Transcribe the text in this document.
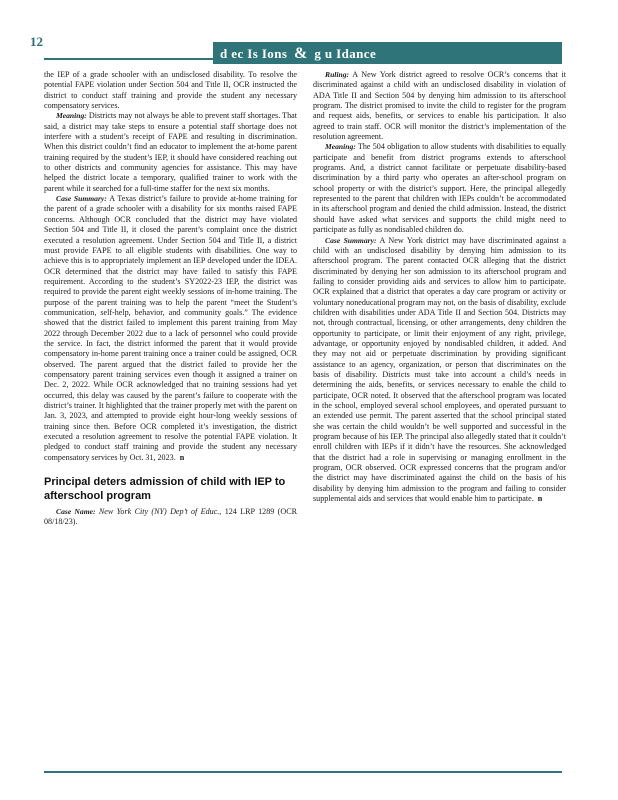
12
d ec Is Ions & g u Idance

the IEP of a grade schooler with an undisclosed disability. To resolve the potential FAPE violation under Section 504 and Title II, OCR instructed the district to conduct staff training and provide the student any necessary compensatory services.

Meaning: Districts may not always be able to prevent staff shortages. That said, a district may take steps to ensure a potential staff shortage does not interfere with a student’s receipt of FAPE and resulting in discrimination. When this district couldn’t find an educator to implement the at-home parent training required by the student’s IEP, it should have considered reaching out to other districts and community agencies for assistance. This may have helped the district locate a temporary, qualified trainer to work with the parent while it searched for a full-time staffer for the next six months.

Case Summary: A Texas district’s failure to provide at-home training for the parent of a grade schooler with a disability for six months raised FAPE concerns. Although OCR concluded that the district may have violated Section 504 and Title II, it closed the parent’s complaint once the district executed a resolution agreement. Under Section 504 and Title II, a district must provide FAPE to all eligible students with disabilities. One way to achieve this is to appropriately implement an IEP developed under the IDEA. OCR determined that the district may have failed to satisfy this FAPE requirement. According to the student’s SY2022-23 IEP, the district was required to provide the parent eight weekly sessions of in-home training. The purpose of the parent training was to help the parent “meet the Student’s communication, self-help, behavior, and community goals.” The evidence showed that the district failed to implement this parent training from May 2022 through December 2022 due to a lack of personnel who could provide the service. In fact, the district informed the parent that it would provide compensatory in-home parent training once a trainer could be assigned, OCR observed. The parent argued that the district failed to provide her the compensatory parent training services even though it assigned a trainer on Dec. 2, 2022. While OCR acknowledged that no training sessions had yet occurred, this delay was caused by the parent’s failure to cooperate with the district’s trainer. It highlighted that the trainer properly met with the parent on Jan. 3, 2023, and attempted to provide eight hour-long weekly sessions of training since then. Before OCR completed it’s investigation, the district executed a resolution agreement to resolve the potential FAPE violation. It pledged to conduct staff training and provide the student any necessary compensatory services by Oct. 31, 2023. n

Principal deters admission of child with IEP to afterschool program

Case Name: New York City (NY) Dep’t of Educ., 124 LRP 1289 (OCR 08/18/23).

Ruling: A New York district agreed to resolve OCR’s concerns that it discriminated against a child with an undisclosed disability in violation of ADA Title II and Section 504 by denying him admission to its afterschool program. The district promised to invite the child to register for the program and request aids, benefits, or services to enable his participation. It also agreed to train staff. OCR will monitor the district’s implementation of the resolution agreement.

Meaning: The 504 obligation to allow students with disabilities to equally participate and benefit from district programs extends to afterschool programs. And, a district cannot facilitate or perpetuate disability-based discrimination by a third party who operates an after-school program on school property or with the district’s support. Here, the principal allegedly represented to the parent that children with IEPs couldn’t be accommodated in its afterschool program and denied the child admission. Instead, the district should have asked what services and supports the child might need to participate as fully as nondisabled children do.

Case Summary: A New York district may have discriminated against a child with an undisclosed disability by denying him admission to its afterschool program. The parent contacted OCR alleging that the district discriminated by denying her son admission to its afterschool program and failing to consider providing aids and services to allow him to participate. OCR explained that a district that operates a day care program or activity or voluntary noneducational program may not, on the basis of disability, exclude children with disabilities under ADA Title II and Section 504. Districts may not, through contractual, licensing, or other arrangements, deny children the opportunity to participate, or limit their enjoyment of any right, privilege, advantage, or opportunity enjoyed by nondisabled children, it added. And they may not aid or perpetuate discrimination by providing significant assistance to an agency, organization, or person that discriminates on the basis of disability. Districts must take into account a child’s needs in determining the aids, benefits, or services necessary to enable the child to participate, OCR noted. It observed that the afterschool program was located in the school, employed several school employees, and operated pursuant to an extended use permit. The parent asserted that the school principal stated she was certain the child wouldn’t be well supported and successful in the program because of his IEP. The principal also allegedly stated that it couldn’t enroll children with IEPs if it didn’t have the resources. She acknowledged that the district had a role in supervising or managing enrollment in the program, OCR observed. OCR expressed concerns that the program and/or the district may have discriminated against the child on the basis of his disability by denying him admission to the program and failing to consider supplemental aids and services that would enable him to participate. n
